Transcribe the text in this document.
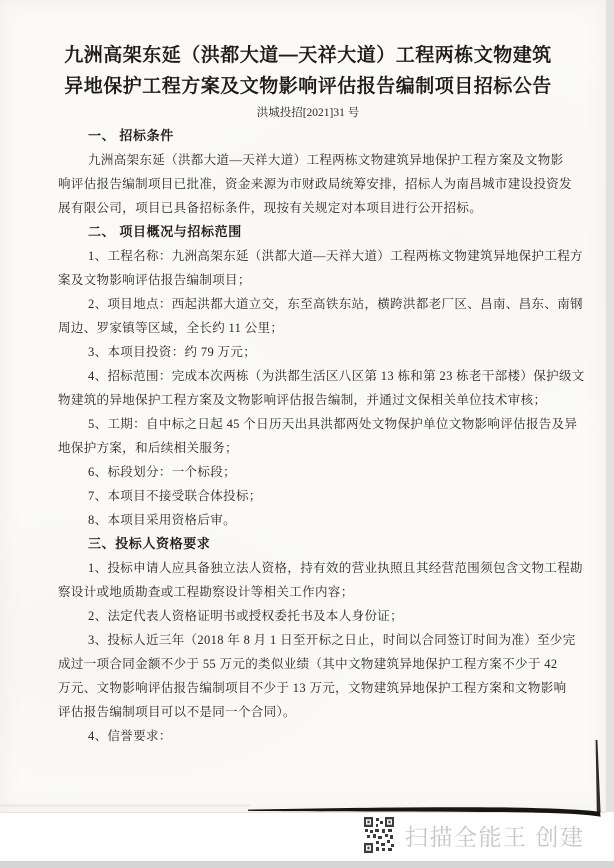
九洲高架东延（洪都大道—天祥大道）工程两栋文物建筑
异地保护工程方案及文物影响评估报告编制项目招标公告
洪城投招[2021]31 号
一、 招标条件
九洲高架东延（洪都大道—天祥大道）工程两栋文物建筑异地保护工程方案及文物影
响评估报告编制项目已批准，资金来源为市财政局统筹安排，招标人为南昌城市建设投资发
展有限公司，项目已具备招标条件，现按有关规定对本项目进行公开招标。
二、 项目概况与招标范围
1、工程名称：九洲高架东延（洪都大道—天祥大道）工程两栋文物建筑异地保护工程方
案及文物影响评估报告编制项目；
2、项目地点：西起洪都大道立交，东至高铁东站，横跨洪都老厂区、昌南、昌东、南钢
周边、罗家镇等区域，全长约 11 公里；
3、本项目投资：约 79 万元；
4、招标范围：完成本次两栋（为洪都生活区八区第 13 栋和第 23 栋老干部楼）保护级文
物建筑的异地保护工程方案及文物影响评估报告编制，并通过文保相关单位技术审核；
5、工期：自中标之日起 45 个日历天出具洪都两处文物保护单位文物影响评估报告及异
地保护方案，和后续相关服务；
6、标段划分：一个标段；
7、本项目不接受联合体投标；
8、本项目采用资格后审。
三、投标人资格要求
1、投标申请人应具备独立法人资格，持有效的营业执照且其经营范围须包含文物工程勘
察设计或地质勘查或工程勘察设计等相关工作内容；
2、法定代表人资格证明书或授权委托书及本人身份证；
3、投标人近三年（2018 年 8 月 1 日至开标之日止，时间以合同签订时间为准）至少完
成过一项合同金额不少于 55 万元的类似业绩（其中文物建筑异地保护工程方案不少于 42
万元、文物影响评估报告编制项目不少于 13 万元，文物建筑异地保护工程方案和文物影响
评估报告编制项目可以不是同一个合同）。
4、信誉要求：
扫描全能王 创建
